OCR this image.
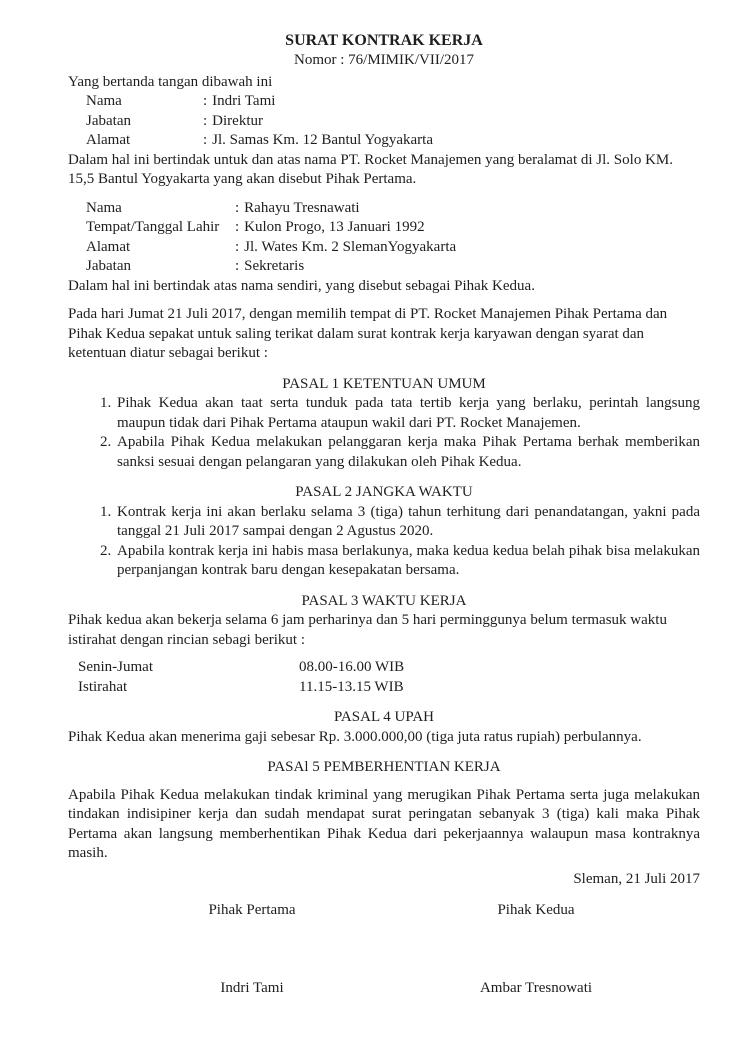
SURAT KONTRAK KERJA
Nomor : 76/MIMIK/VII/2017

Yang bertanda tangan dibawah ini

Nama	: Indri Tami
Jabatan	: Direktur
Alamat	: Jl. Samas Km. 12 Bantul Yogyakarta

Dalam hal ini bertindak untuk dan atas nama PT. Rocket Manajemen yang beralamat di Jl. Solo KM. 15,5 Bantul Yogyakarta yang akan disebut Pihak Pertama.

Nama	: Rahayu Tresnawati
Tempat/Tanggal Lahir : Kulon Progo, 13 Januari 1992
Alamat	: Jl. Wates Km. 2 SlemanYogyakarta
Jabatan	: Sekretaris

Dalam hal ini bertindak atas nama sendiri, yang disebut sebagai Pihak Kedua.

Pada hari Jumat 21 Juli 2017, dengan memilih tempat di PT. Rocket Manajemen Pihak Pertama dan Pihak Kedua sepakat untuk saling terikat dalam surat kontrak kerja karyawan dengan syarat dan ketentuan diatur sebagai berikut :

PASAL 1 KETENTUAN UMUM
1. Pihak Kedua akan taat serta tunduk pada tata tertib kerja yang berlaku, perintah langsung maupun tidak dari Pihak Pertama ataupun wakil dari PT. Rocket Manajemen.
2. Apabila Pihak Kedua melakukan pelanggaran kerja maka Pihak Pertama berhak memberikan sanksi sesuai dengan pelangaran yang dilakukan oleh Pihak Kedua.
PASAL 2 JANGKA WAKTU
1. Kontrak kerja ini akan berlaku selama 3 (tiga) tahun terhitung dari penandatangan, yakni pada tanggal 21 Juli 2017 sampai dengan 2 Agustus 2020.
2. Apabila kontrak kerja ini habis masa berlakunya, maka kedua kedua belah pihak bisa melakukan perpanjangan kontrak baru dengan kesepakatan bersama.
PASAL 3 WAKTU KERJA

Pihak kedua akan bekerja selama 6 jam perharinya dan 5 hari perminggunya belum termasuk waktu istirahat dengan rincian sebagi berikut :

Senin-Jumat	08.00-16.00 WIB
Istirahat	11.15-13.15 WIB
PASAL 4 UPAH

Pihak Kedua akan menerima gaji sebesar Rp. 3.000.000,00 (tiga juta ratus rupiah) perbulannya.

PASAl 5 PEMBERHENTIAN KERJA

Apabila Pihak Kedua melakukan tindak kriminal yang merugikan Pihak Pertama serta juga melakukan tindakan indisipiner kerja dan sudah mendapat surat peringatan sebanyak 3 (tiga) kali maka Pihak Pertama akan langsung memberhentikan Pihak Kedua dari pekerjaannya walaupun masa kontraknya masih.

Sleman, 21 Juli 2017
Pihak Pertama
Indri Tami
Pihak Kedua
Ambar Tresnowati
